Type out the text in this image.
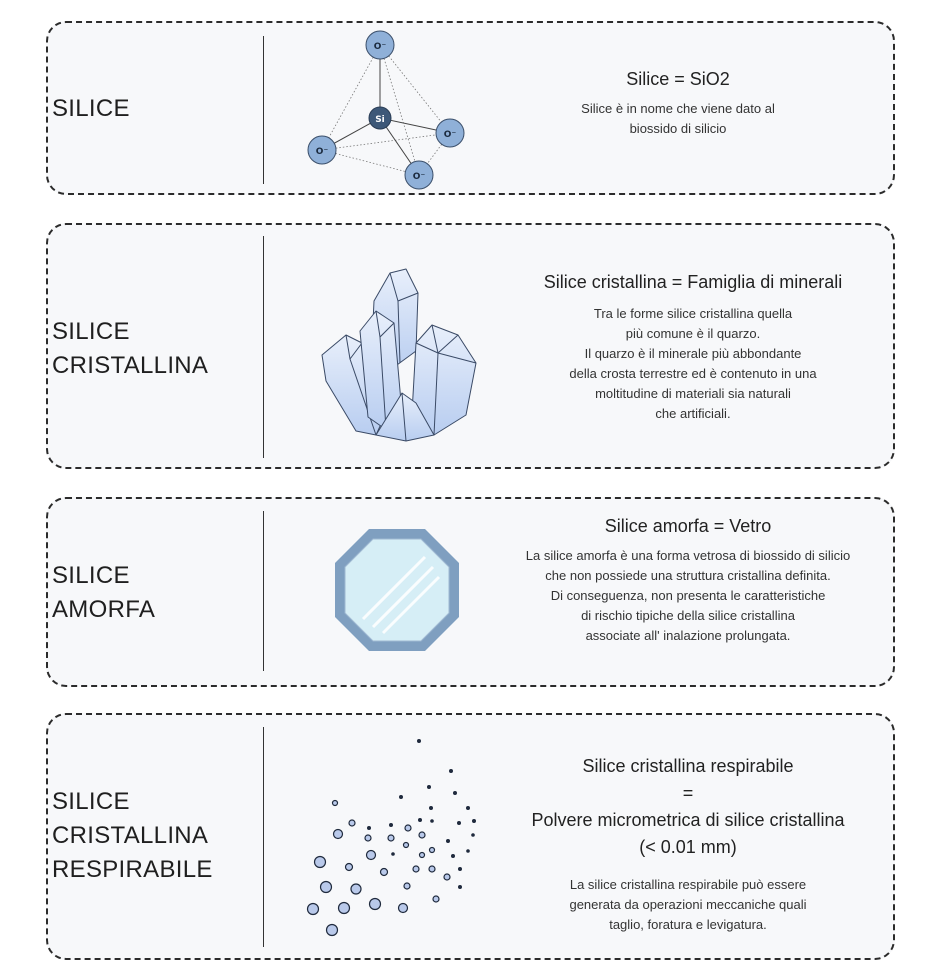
SILICE
O⁻
O⁻
O⁻
O⁻
Si
Silice = SiO2
Silice è in nome che viene dato al
biossido di silicio
SILICE
CRISTALLINA
Silice cristallina = Famiglia di minerali
Tra le forme silice cristallina quella
più comune è il quarzo.
Il quarzo è il minerale più abbondante
della crosta terrestre ed è contenuto in una
moltitudine di materiali sia naturali
che artificiali.
SILICE
AMORFA
Silice amorfa = Vetro
La silice amorfa è una forma vetrosa di biossido di silicio
che non possiede una struttura cristallina definita.
Di conseguenza, non presenta le caratteristiche
di rischio tipiche della silice cristallina
associate all' inalazione prolungata.
SILICE
CRISTALLINA
RESPIRABILE
Silice cristallina respirabile
=
Polvere micrometrica di silice cristallina
(< 0.01 mm)
La silice cristallina respirabile può essere
generata da operazioni meccaniche quali
taglio, foratura e levigatura.
